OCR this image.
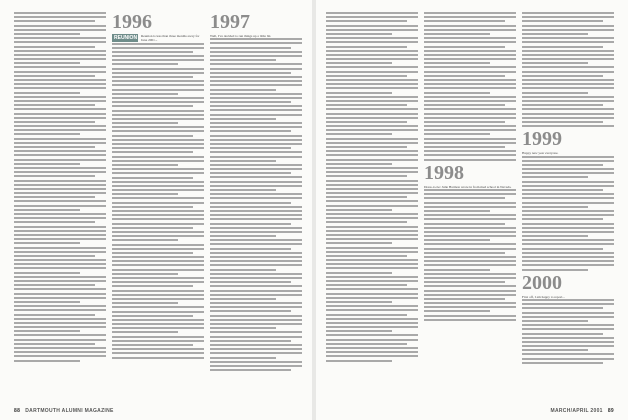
1996
REUNION	Reunion is less than three months away for June 2001...

1997

Well, I've decided to run things up a little bit.

88 DARTMOUTH ALUMNI MAGAZINE
1998

Dress-to-be: Julie Harmon wrote in from med school in Nevada.

1999

Happy new year everyone.

2000

First off, I am happy to report...

MARCH/APRIL 2001 89
